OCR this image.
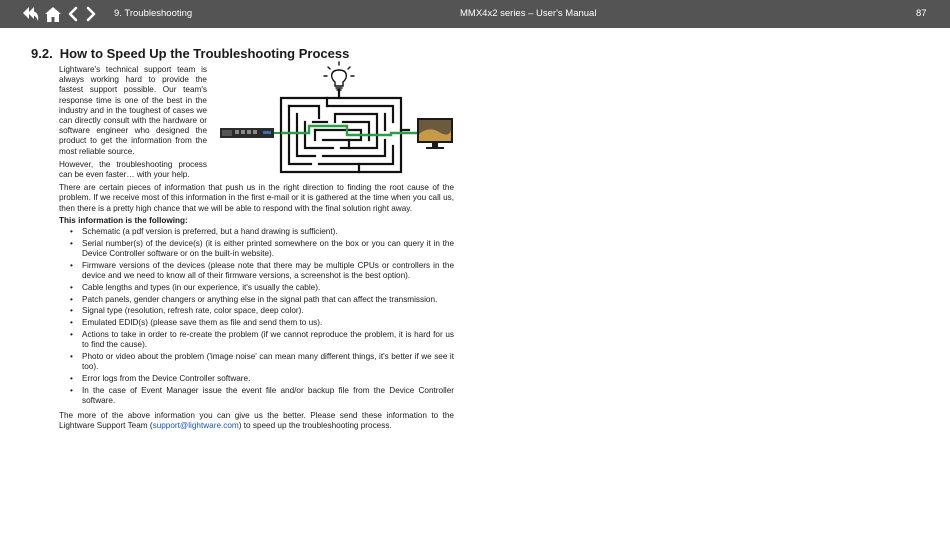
9. Troubleshooting	MMX4x2 series – User's Manual	87
9.2. How to Speed Up the Troubleshooting Process

Lightware's technical support team is always working hard to provide the fastest support possible. Our team's response time is one of the best in the industry and in the toughest of cases we can directly consult with the hardware or software engineer who designed the product to get the information from the most reliable source.

However, the troubleshooting process can be even faster… with your help.

There are certain pieces of information that push us in the right direction to finding the root cause of the problem. If we receive most of this information in the first e-mail or it is gathered at the time when you call us, then there is a pretty high chance that we will be able to respond with the final solution right away.

This information is the following:

• Schematic (a pdf version is preferred, but a hand drawing is sufficient).
• Serial number(s) of the device(s) (it is either printed somewhere on the box or you can query it in the Device Controller software or on the built-in website).
• Firmware versions of the devices (please note that there may be multiple CPUs or controllers in the device and we need to know all of their firmware versions, a screenshot is the best option).
• Cable lengths and types (in our experience, it's usually the cable).
• Patch panels, gender changers or anything else in the signal path that can affect the transmission.
• Signal type (resolution, refresh rate, color space, deep color).
• Emulated EDID(s) (please save them as file and send them to us).
• Actions to take in order to re-create the problem (if we cannot reproduce the problem, it is hard for us to find the cause).
• Photo or video about the problem ('image noise' can mean many different things, it's better if we see it too).
• Error logs from the Device Controller software.
• In the case of Event Manager issue the event file and/or backup file from the Device Controller software.

The more of the above information you can give us the better. Please send these information to the Lightware Support Team (support@lightware.com) to speed up the troubleshooting process.
